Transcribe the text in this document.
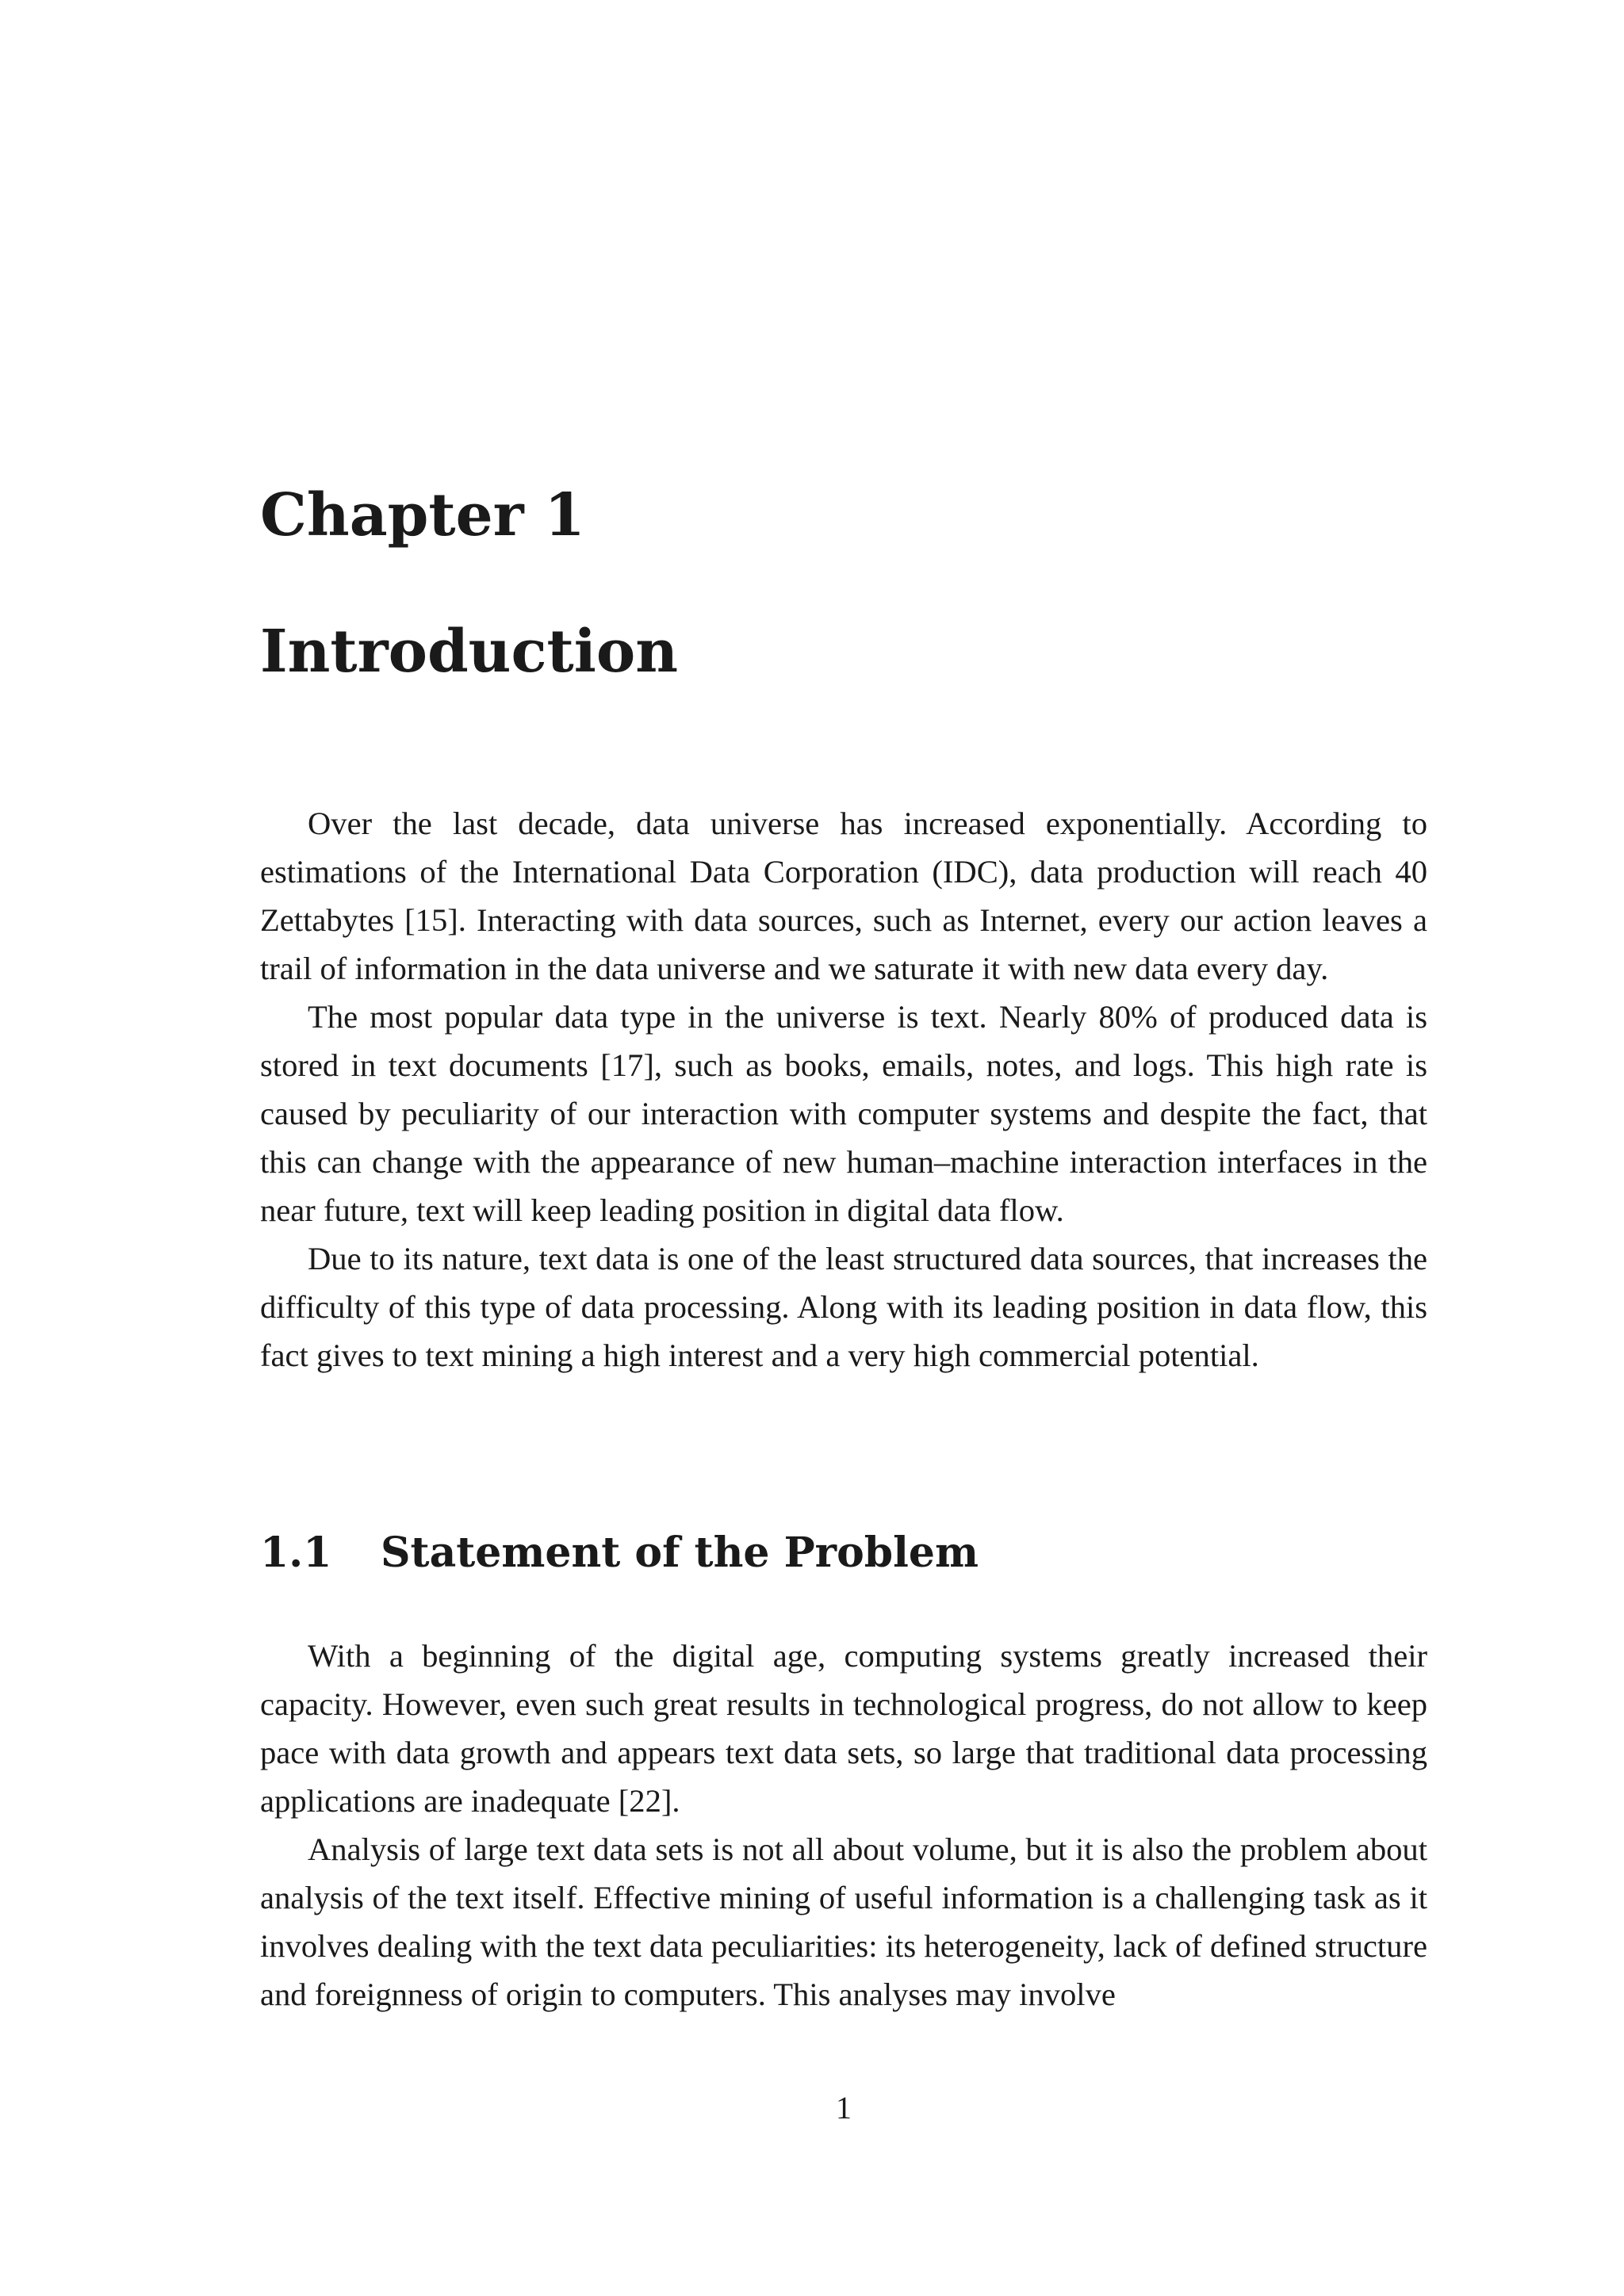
Chapter 1
Introduction

Over the last decade, data universe has increased exponentially. According to estimations of the International Data Corporation (IDC), data production will reach 40 Zettabytes [15]. Interacting with data sources, such as Internet, every our action leaves a trail of information in the data universe and we saturate it with new data every day.

The most popular data type in the universe is text. Nearly 80% of produced data is stored in text documents [17], such as books, emails, notes, and logs. This high rate is caused by peculiarity of our interaction with computer systems and despite the fact, that this can change with the appearance of new human–machine interaction interfaces in the near future, text will keep leading position in digital data flow.

Due to its nature, text data is one of the least structured data sources, that increases the difficulty of this type of data processing. Along with its leading position in data flow, this fact gives to text mining a high interest and a very high commercial potential.

1.1 Statement of the Problem

With a beginning of the digital age, computing systems greatly increased their capacity. However, even such great results in technological progress, do not allow to keep pace with data growth and appears text data sets, so large that traditional data processing applications are inadequate [22].

Analysis of large text data sets is not all about volume, but it is also the problem about analysis of the text itself. Effective mining of useful information is a challenging task as it involves dealing with the text data peculiarities: its heterogeneity, lack of defined structure and foreignness of origin to computers. This analyses may involve

1
